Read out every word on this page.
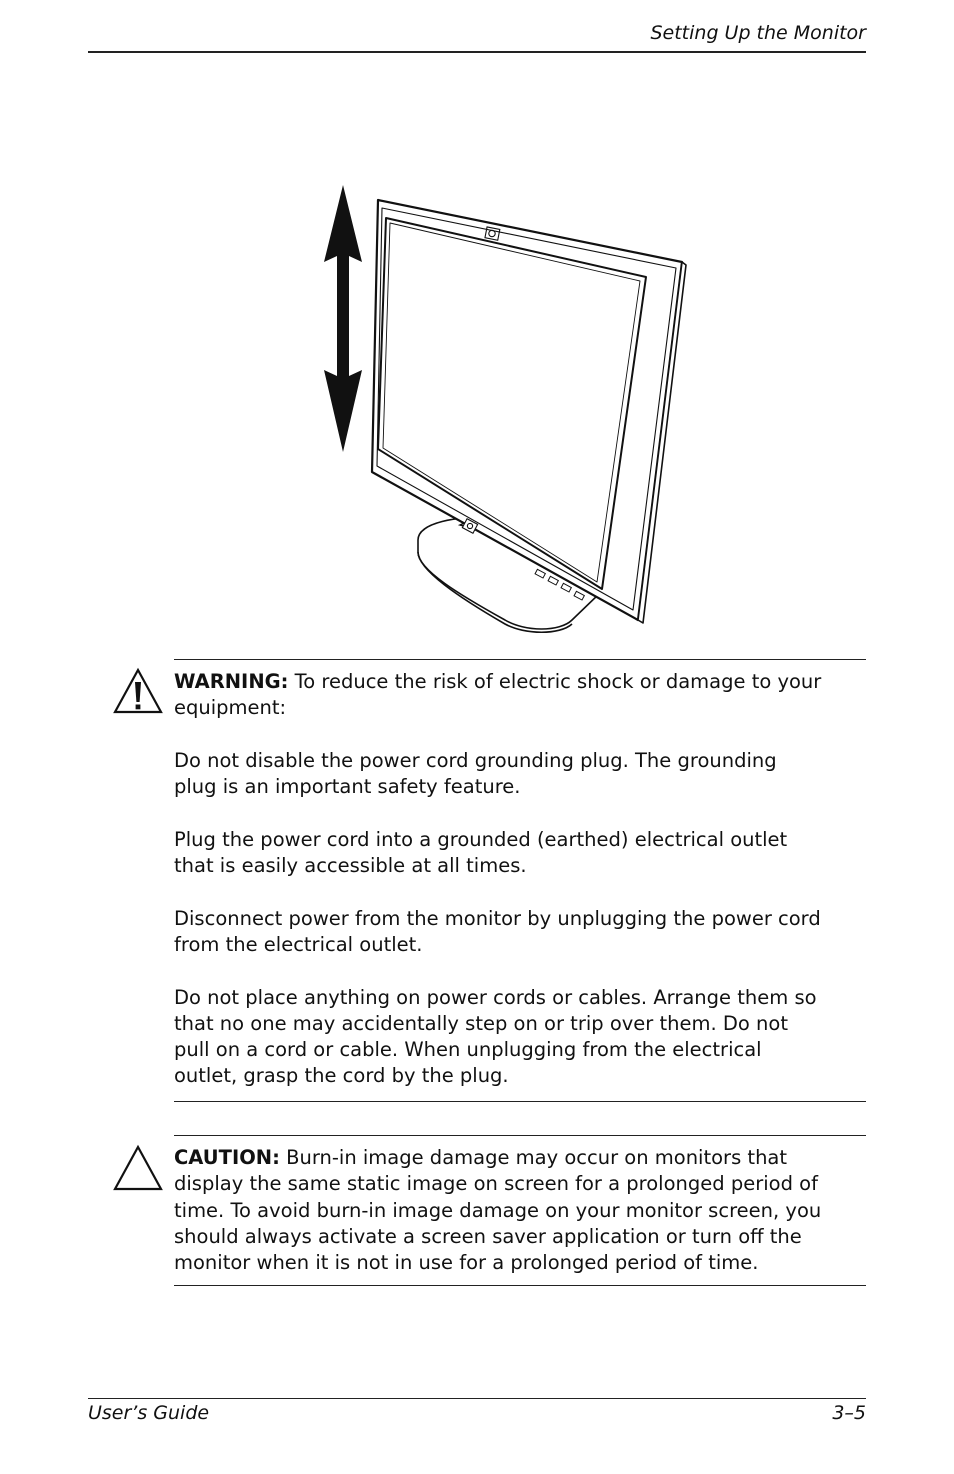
Setting Up the Monitor

WARNING: To reduce the risk of electric shock or damage to your equipment:

Do not disable the power cord grounding plug. The grounding plug is an important safety feature.

Plug the power cord into a grounded (earthed) electrical outlet that is easily accessible at all times.

Disconnect power from the monitor by unplugging the power cord from the electrical outlet.

Do not place anything on power cords or cables. Arrange them so that no one may accidentally step on or trip over them. Do not pull on a cord or cable. When unplugging from the electrical outlet, grasp the cord by the plug.

CAUTION: Burn-in image damage may occur on monitors that display the same static image on screen for a prolonged period of time. To avoid burn-in image damage on your monitor screen, you should always activate a screen saver application or turn off the monitor when it is not in use for a prolonged period of time.

User’s Guide	3–5
